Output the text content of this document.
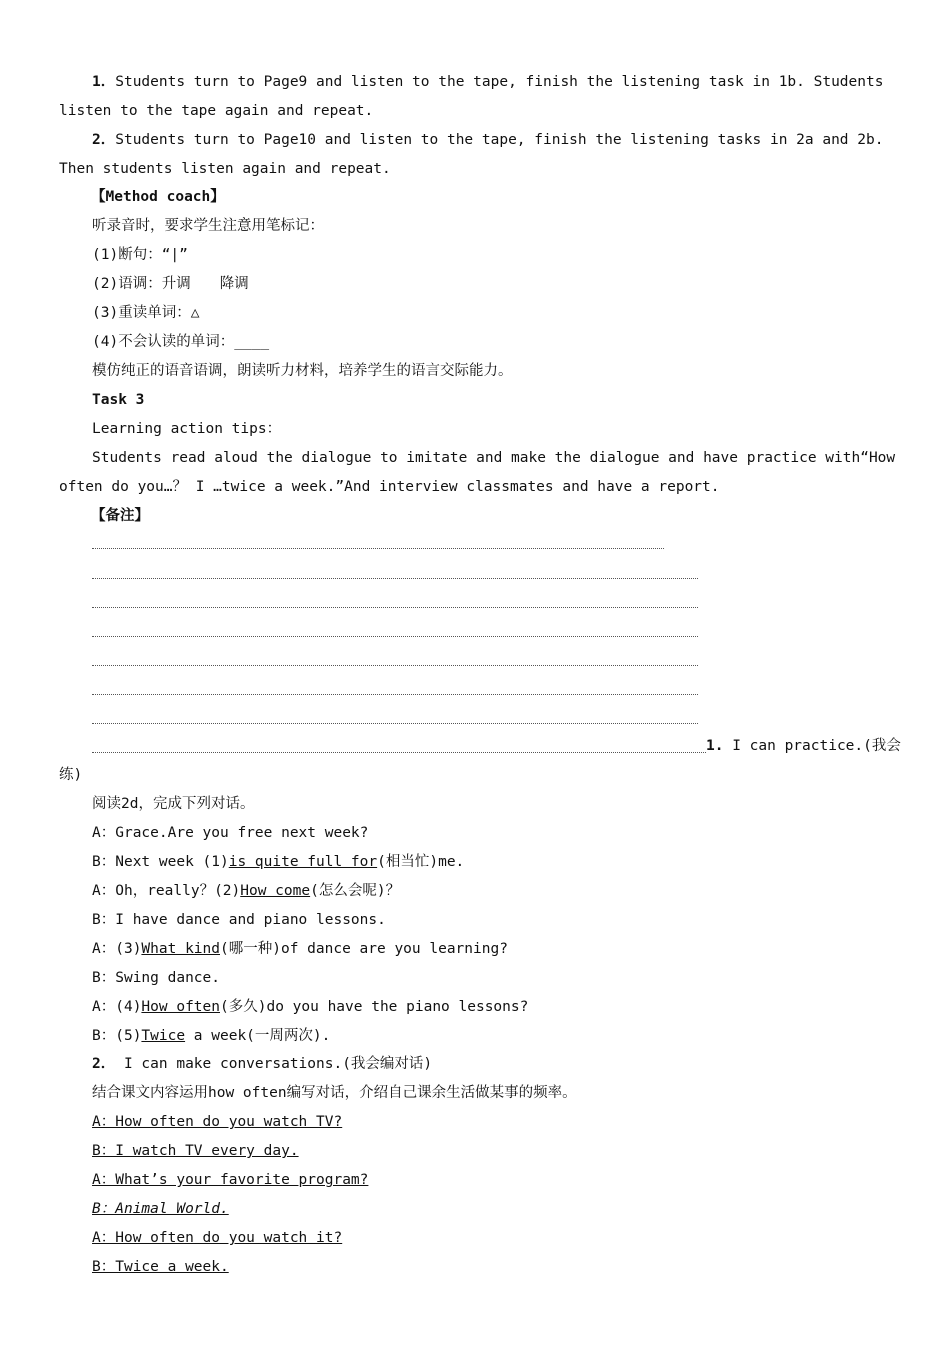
1．Students turn to Page9 and listen to the tape, finish the listening task in 1b. Students
listen to the tape again and repeat.
2．Students turn to Page10 and listen to the tape, finish the listening tasks in 2a and 2b.
Then students listen again and repeat.
【Method coach】
听录音时，要求学生注意用笔标记：
(1)断句：“|”
(2)语调：升调　　降调
(3)重读单词：△
(4)不会认读的单词：____
模仿纯正的语音语调，朗读听力材料，培养学生的语言交际能力。
Task 3
Learning action tips：
Students read aloud the dialogue to imitate and make the dialogue and have practice with“How
often do you…？ I …twice a week.”And interview classmates and have a report.
【备注】
1. I can practice.(我会
练)
阅读2d，完成下列对话。
A：Grace.Are you free next week?
B：Next week (1)is quite full for(相当忙)me.
A：Oh，really？(2)How come(怎么会呢)？
B：I have dance and piano lessons.
A：(3)What kind(哪一种)of dance are you learning?
B：Swing dance.
A：(4)How often(多久)do you have the piano lessons?
B：(5)Twice a week(一周两次).
2． I can make conversations.(我会编对话)
结合课文内容运用how often编写对话，介绍自己课余生活做某事的频率。
A：How often do you watch TV?
B：I watch TV every day.
A：What’s your favorite program?
B：Animal World.
A：How often do you watch it?
B：Twice a week.
